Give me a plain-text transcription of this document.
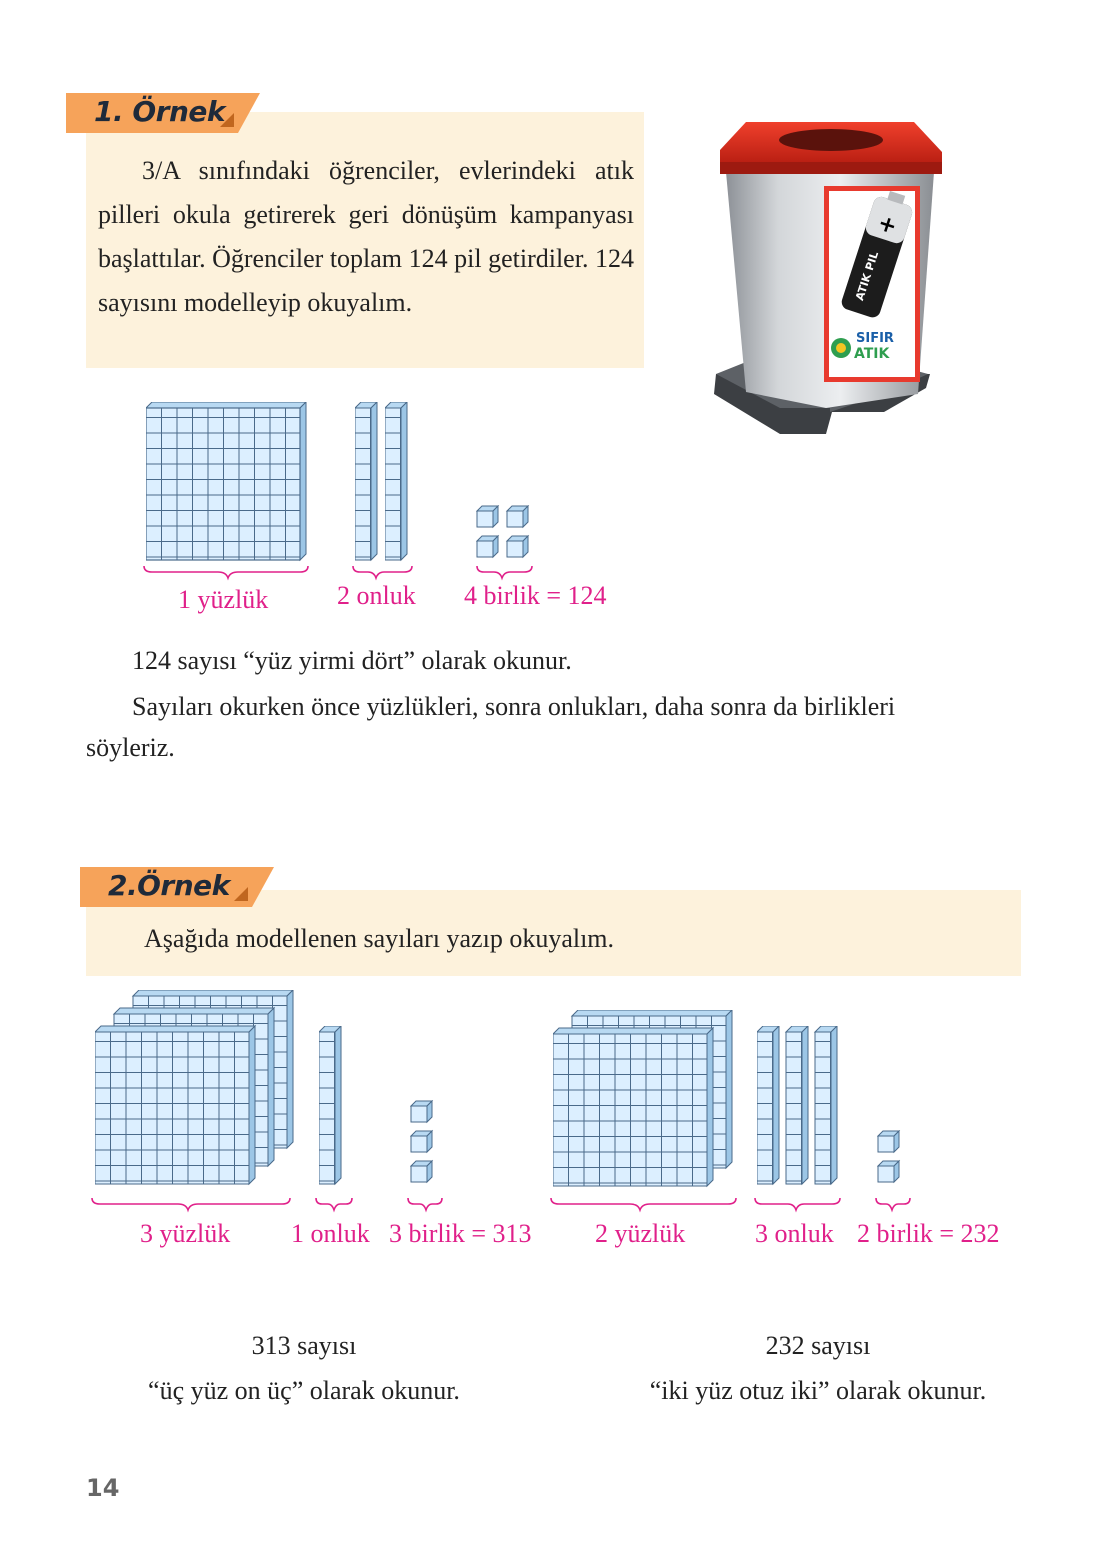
1. Örnek
3/A sınıfındaki öğrenciler, evlerindeki atık pilleri okula getirerek geri dönüşüm kampanyası başlattılar. Öğrenciler toplam 124 pil getirdiler. 124 sayısını modelleyip okuyalım.
+
ATIK PIL
SIFIR
ATIK
1 yüzlük	2 onluk 4 birlik = 124
124 sayısı “yüz yirmi dört” olarak okunur.
Sayıları okurken önce yüzlükleri, sonra onlukları, daha sonra da birlikleri
söyleriz.
2.Örnek
Aşağıda modellenen sayıları yazıp okuyalım.
3 yüzlük 1 onluk 3 birlik = 313 2 yüzlük	3 onluk 2 birlik = 232
313 sayısı
“üç yüz on üç” olarak okunur.
232 sayısı
“iki yüz otuz iki” olarak okunur.
14
